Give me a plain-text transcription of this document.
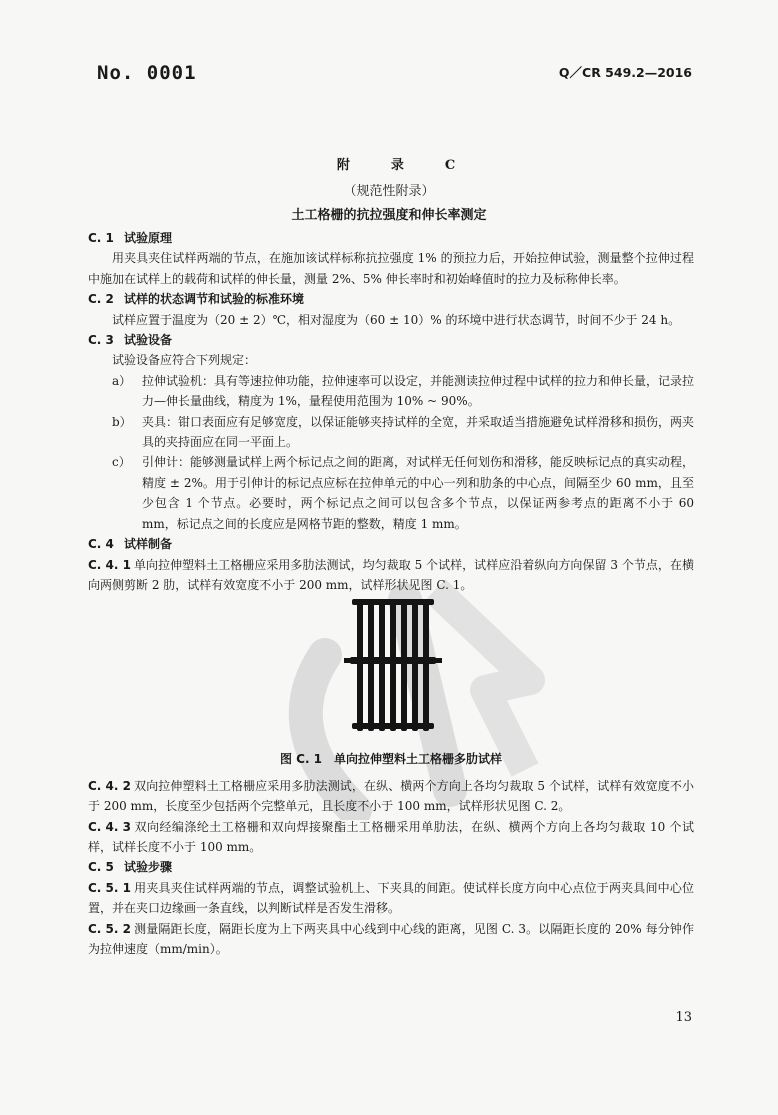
No. 0001	Q／CR 549.2—2016
附　录　C
（规范性附录）
土工格栅的抗拉强度和伸长率测定
C. 1 试验原理
用夹具夹住试样两端的节点，在施加该试样标称抗拉强度 1% 的预拉力后，开始拉伸试验，测量整个拉伸过程中施加在试样上的载荷和试样的伸长量，测量 2%、5% 伸长率时和初始峰值时的拉力及标称伸长率。
C. 2 试样的状态调节和试验的标准环境
试样应置于温度为（20 ± 2）℃，相对湿度为（60 ± 10）% 的环境中进行状态调节，时间不少于 24 h。
C. 3 试验设备
试验设备应符合下列规定：
a） 拉伸试验机：具有等速拉伸功能，拉伸速率可以设定，并能测读拉伸过程中试样的拉力和伸长量，记录拉力—伸长量曲线，精度为 1%，量程使用范围为 10% ~ 90%。
b） 夹具：钳口表面应有足够宽度，以保证能够夹持试样的全宽，并采取适当措施避免试样滑移和损伤，两夹具的夹持面应在同一平面上。
c） 引伸计：能够测量试样上两个标记点之间的距离，对试样无任何划伤和滑移，能反映标记点的真实动程，精度 ± 2%。用于引伸计的标记点应标在拉伸单元的中心一列和肋条的中心点，间隔至少 60 mm，且至少包含 1 个节点。必要时，两个标记点之间可以包含多个节点，以保证两参考点的距离不小于 60 mm，标记点之间的长度应是网格节距的整数，精度 1 mm。
C. 4 试样制备
C. 4. 1 单向拉伸塑料土工格栅应采用多肋法测试，均匀裁取 5 个试样，试样应沿着纵向方向保留 3 个节点，在横向两侧剪断 2 肋，试样有效宽度不小于 200 mm，试样形状见图 C. 1。
图 C. 1　单向拉伸塑料土工格栅多肋试样
C. 4. 2 双向拉伸塑料土工格栅应采用多肋法测试，在纵、横两个方向上各均匀裁取 5 个试样，试样有效宽度不小于 200 mm，长度至少包括两个完整单元，且长度不小于 100 mm，试样形状见图 C. 2。
C. 4. 3 双向经编涤纶土工格栅和双向焊接聚酯土工格栅采用单肋法，在纵、横两个方向上各均匀裁取 10 个试样，试样长度不小于 100 mm。
C. 5 试验步骤
C. 5. 1 用夹具夹住试样两端的节点，调整试验机上、下夹具的间距。使试样长度方向中心点位于两夹具间中心位置，并在夹口边缘画一条直线，以判断试样是否发生滑移。
C. 5. 2 测量隔距长度，隔距长度为上下两夹具中心线到中心线的距离，见图 C. 3。以隔距长度的 20% 每分钟作为拉伸速度（mm/min）。
13
